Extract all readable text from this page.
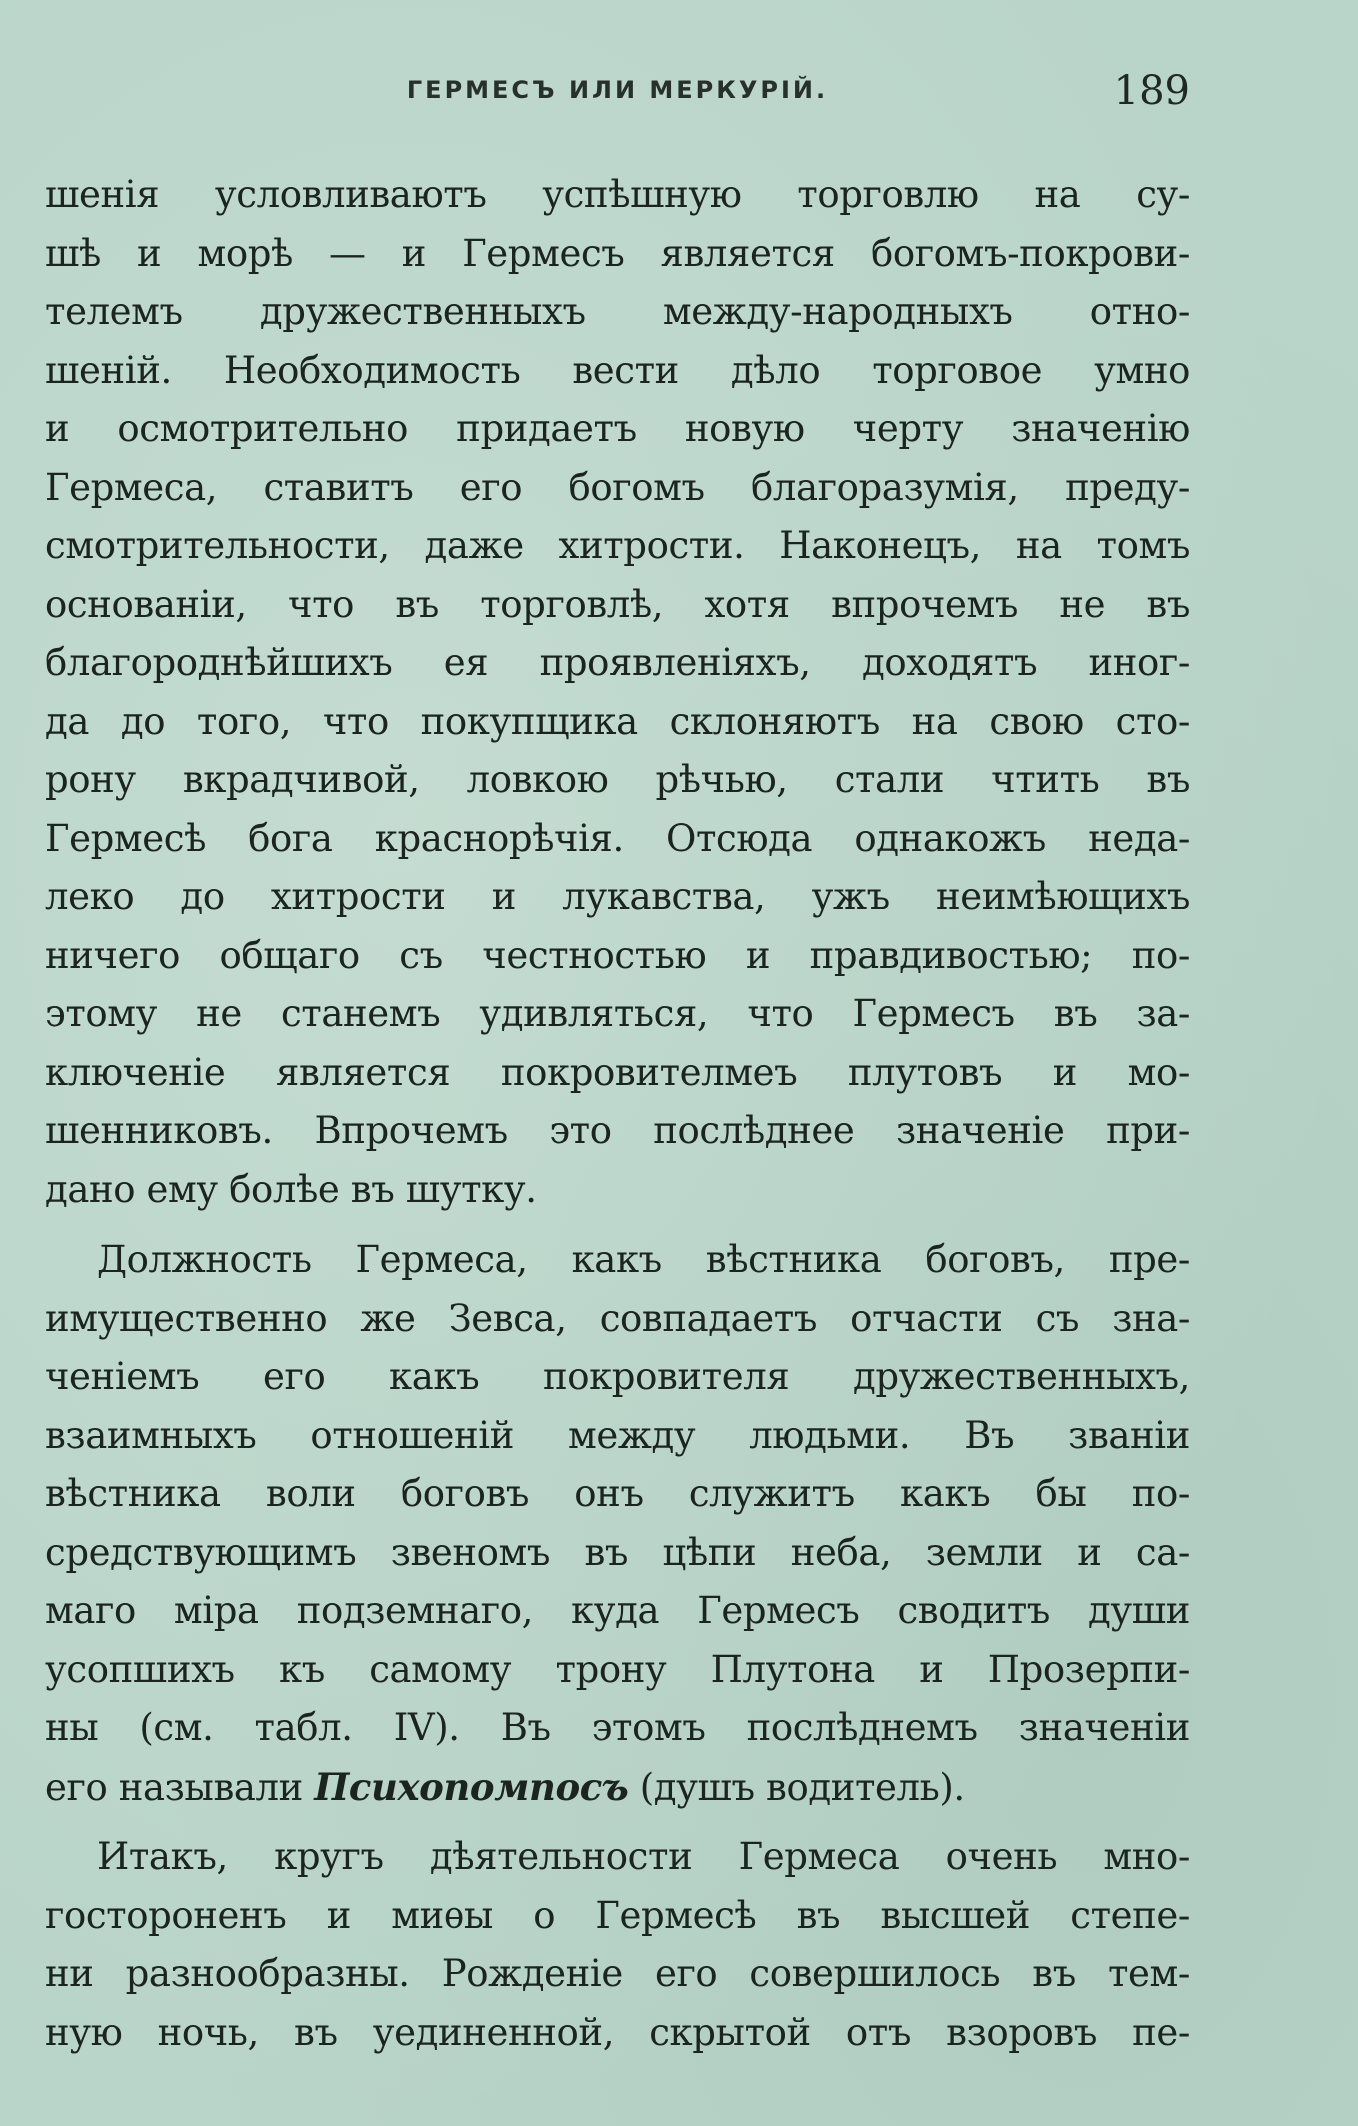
ГЕРМЕСЪ ИЛИ МЕРКУРІЙ.	189
шенія условливаютъ успѣшную торговлю на су-
шѣ и морѣ — и Гермесъ является богомъ-покрови-
телемъ дружественныхъ между-народныхъ отно-
шеній. Необходимость вести дѣло торговое умно
и осмотрительно придаетъ новую черту значенію
Гермеса, ставитъ его богомъ благоразумія, преду-
смотрительности, даже хитрости. Наконецъ, на томъ
основаніи, что въ торговлѣ, хотя впрочемъ не въ
благороднѣйшихъ ея проявленіяхъ, доходятъ иног-
да до того, что покупщика склоняютъ на свою сто-
рону вкрадчивой, ловкою рѣчью, стали чтить въ
Гермесѣ бога краснорѣчія. Отсюда однакожъ неда-
леко до хитрости и лукавства, ужъ неимѣющихъ
ничего общаго съ честностью и правдивостью; по-
этому не станемъ удивляться, что Гермесъ въ за-
ключеніе является покровителмеъ плутовъ и мо-
шенниковъ. Впрочемъ это послѣднее значеніе при-
дано ему болѣе въ шутку.
Должность Гермеса, какъ вѣстника боговъ, пре-
имущественно же Зевса, совпадаетъ отчасти съ зна-
ченіемъ его какъ покровителя дружественныхъ,
взаимныхъ отношеній между людьми. Въ званіи
вѣстника воли боговъ онъ служитъ какъ бы по-
средствующимъ звеномъ въ цѣпи неба, земли и са-
маго міра подземнаго, куда Гермесъ сводитъ души
усопшихъ къ самому трону Плутона и Прозерпи-
ны (см. табл. IV). Въ этомъ послѣднемъ значеніи
его называли Психопомпосъ (душъ водитель).
Итакъ, кругъ дѣятельности Гермеса очень мно-
гостороненъ и миѳы о Гермесѣ въ высшей степе-
ни разнообразны. Рожденіе его совершилось въ тем-
ную ночь, въ уединенной, скрытой отъ взоровъ пе-
